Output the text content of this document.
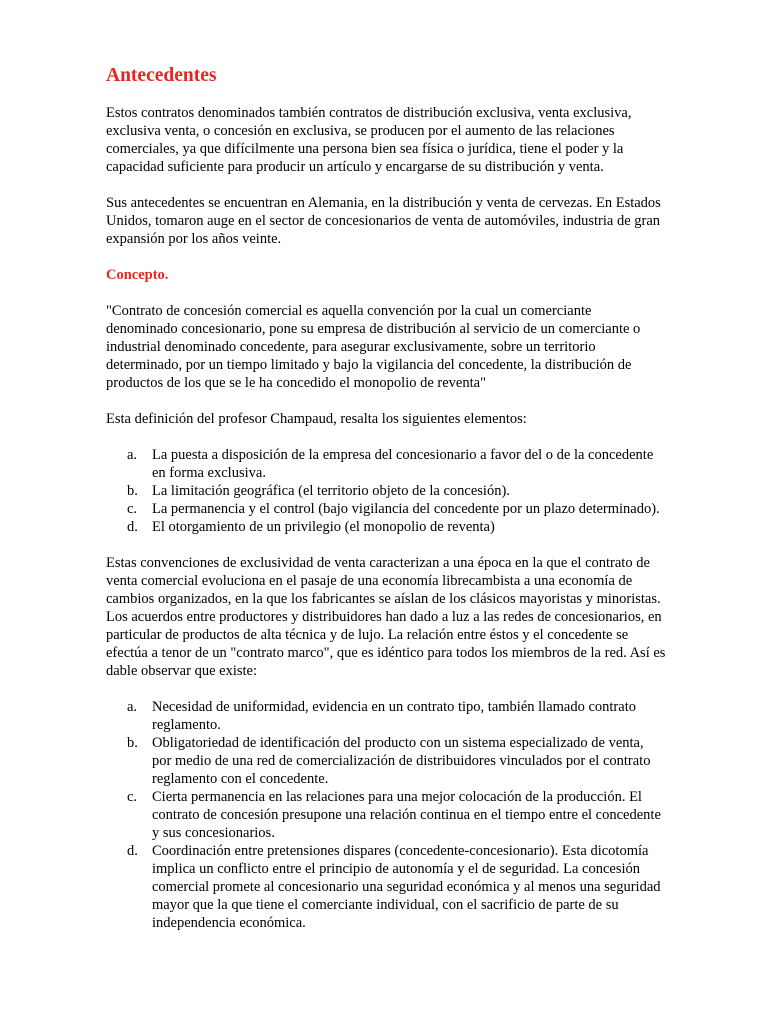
Antecedentes

Estos contratos denominados también contratos de distribución exclusiva, venta exclusiva, exclusiva venta, o concesión en exclusiva, se producen por el aumento de las relaciones comerciales, ya que difícilmente una persona bien sea física o jurídica, tiene el poder y la capacidad suficiente para producir un artículo y encargarse de su distribución y venta.

Sus antecedentes se encuentran en Alemania, en la distribución y venta de cervezas. En Estados Unidos, tomaron auge en el sector de concesionarios de venta de automóviles, industria de gran expansión por los años veinte.

Concepto.

"Contrato de concesión comercial es aquella convención por la cual un comerciante denominado concesionario, pone su empresa de distribución al servicio de un comerciante o industrial denominado concedente, para asegurar exclusivamente, sobre un territorio determinado, por un tiempo limitado y bajo la vigilancia del concedente, la distribución de productos de los que se le ha concedido el monopolio de reventa"

Esta definición del profesor Champaud, resalta los siguientes elementos:

a.	La puesta a disposición de la empresa del concesionario a favor del o de la concedente en forma exclusiva.
b. La limitación geográfica (el territorio objeto de la concesión).
c.	La permanencia y el control (bajo vigilancia del concedente por un plazo determinado).
d. El otorgamiento de un privilegio (el monopolio de reventa)

Estas convenciones de exclusividad de venta caracterizan a una época en la que el contrato de venta comercial evoluciona en el pasaje de una economía librecambista a una economía de cambios organizados, en la que los fabricantes se aíslan de los clásicos mayoristas y minoristas. Los acuerdos entre productores y distribuidores han dado a luz a las redes de concesionarios, en particular de productos de alta técnica y de lujo. La relación entre éstos y el concedente se efectúa a tenor de un "contrato marco", que es idéntico para todos los miembros de la red. Así es dable observar que existe:

a.	Necesidad de uniformidad, evidencia en un contrato tipo, también llamado contrato reglamento.
b. Obligatoriedad de identificación del producto con un sistema especializado de venta, por medio de una red de comercialización de distribuidores vinculados por el contrato reglamento con el concedente.
c.	Cierta permanencia en las relaciones para una mejor colocación de la producción. El contrato de concesión presupone una relación continua en el tiempo entre el concedente y sus concesionarios.
d. Coordinación entre pretensiones dispares (concedente-concesionario). Esta dicotomía implica un conflicto entre el principio de autonomía y el de seguridad. La concesión comercial promete al concesionario una seguridad económica y al menos una seguridad mayor que la que tiene el comerciante individual, con el sacrificio de parte de su independencia económica.
